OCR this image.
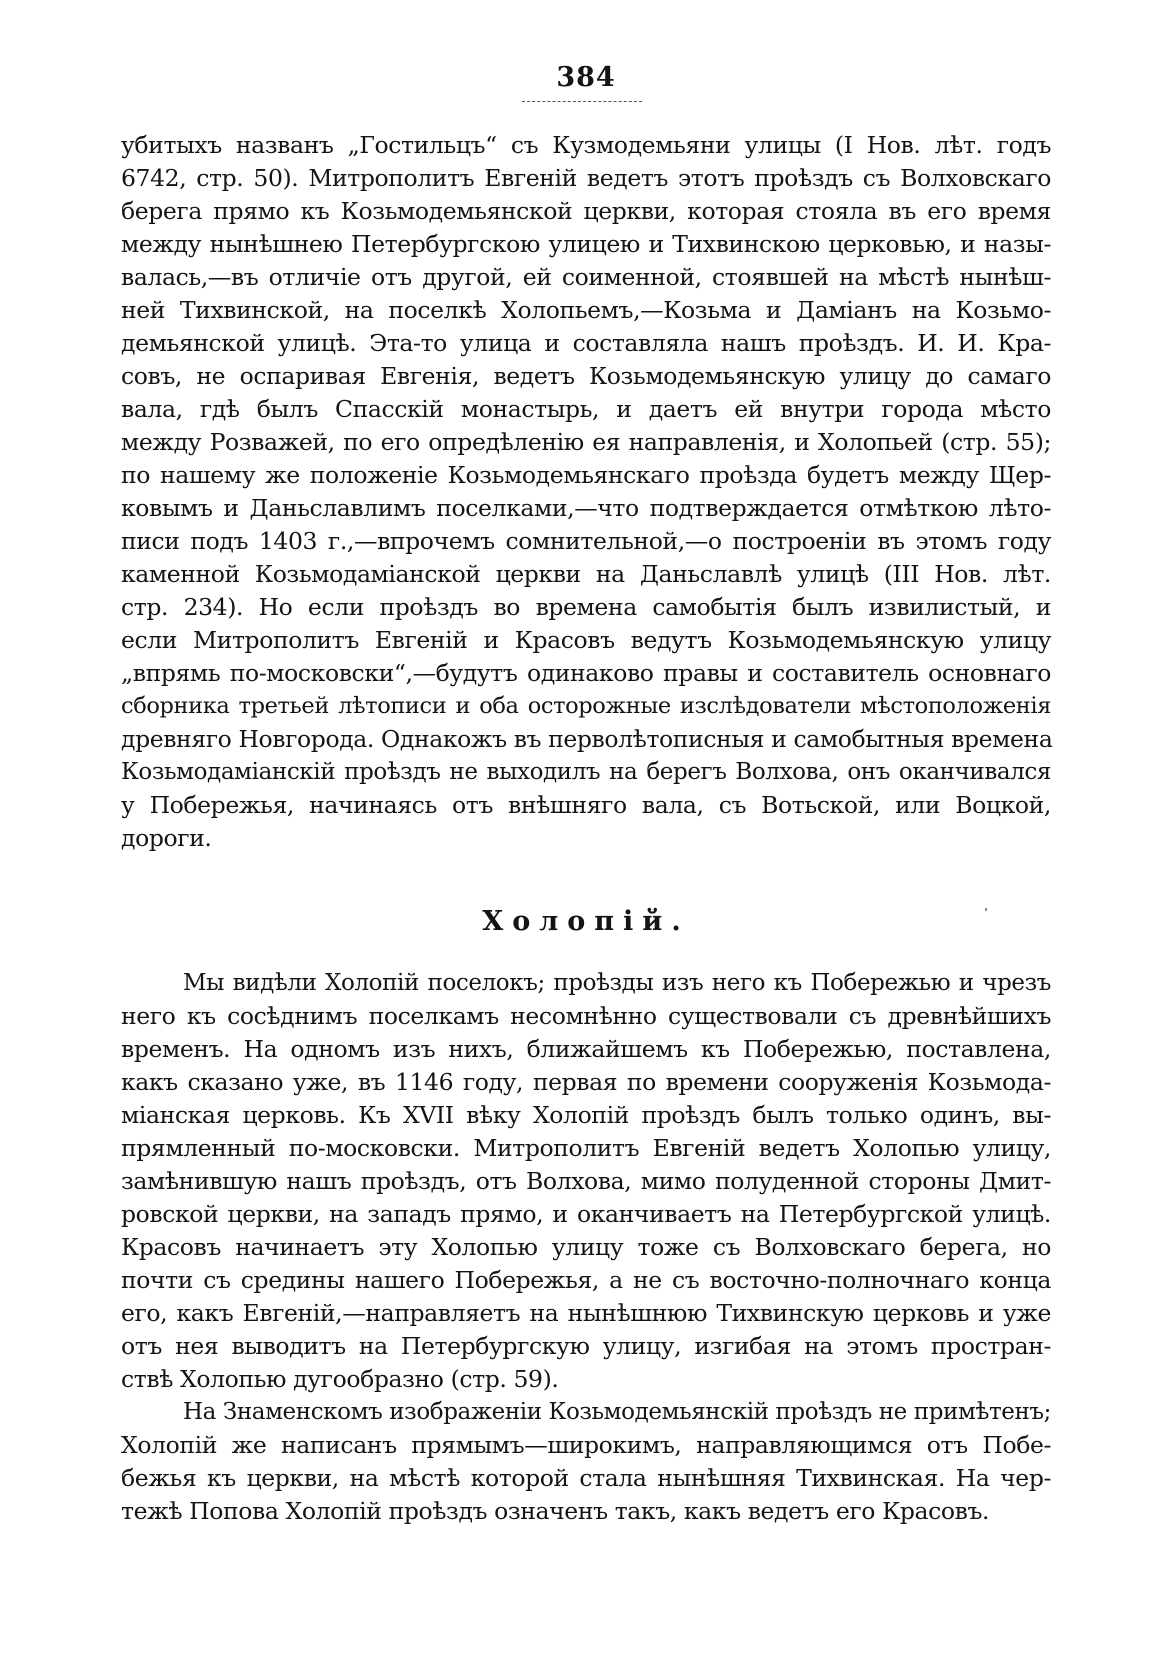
384
убитыхъ названъ „Гостильцъ“ съ Кузмодемьяни улицы (I Нов. лѣт. годъ
6742, стр. 50). Митрополитъ Евгеній ведетъ этотъ проѣздъ съ Волховскаго
берега прямо къ Козьмодемьянской церкви, которая стояла въ его время
между нынѣшнею Петербургскою улицею и Тихвинскою церковью, и назы-
валась,—въ отличіе отъ другой, ей соименной, стоявшей на мѣстѣ нынѣш-
ней Тихвинской, на поселкѣ Холопьемъ,—Козьма и Даміанъ на Козьмо-
демьянской улицѣ. Эта-то улица и составляла нашъ проѣздъ. И. И. Кра-
совъ, не оспаривая Евгенія, ведетъ Козьмодемьянскую улицу до самаго
вала, гдѣ былъ Спасскій монастырь, и даетъ ей внутри города мѣсто
между Розважей, по его опредѣленію ея направленія, и Холопьей (стр. 55);
по нашему же положеніе Козьмодемьянскаго проѣзда будетъ между Щер-
ковымъ и Даньславлимъ поселками,—что подтверждается отмѣткою лѣто-
писи подъ 1403 г.,—впрочемъ сомнительной,—о построеніи въ этомъ году
каменной Козьмодаміанской церкви на Даньславлѣ улицѣ (III Нов. лѣт.
стр. 234). Но если проѣздъ во времена самобытія былъ извилистый, и
если Митрополитъ Евгеній и Красовъ ведутъ Козьмодемьянскую улицу
„впрямь по-московски“,—будутъ одинаково правы и составитель основнаго
сборника третьей лѣтописи и оба осторожные изслѣдователи мѣстоположенія
древняго Новгорода. Однакожъ въ перволѣтописныя и самобытныя времена
Козьмодаміанскій проѣздъ не выходилъ на берегъ Волхова, онъ оканчивался
у Побережья, начинаясь отъ внѣшняго вала, съ Вотьской, или Воцкой,
дороги.
Холопій.
Мы видѣли Холопій поселокъ; проѣзды изъ него къ Побережью и чрезъ
него къ сосѣднимъ поселкамъ несомнѣнно существовали съ древнѣйшихъ
временъ. На одномъ изъ нихъ, ближайшемъ къ Побережью, поставлена,
какъ сказано уже, въ 1146 году, первая по времени сооруженія Козьмода-
міанская церковь. Къ XVII вѣку Холопій проѣздъ былъ только одинъ, вы-
прямленный по-московски. Митрополитъ Евгеній ведетъ Холопью улицу,
замѣнившую нашъ проѣздъ, отъ Волхова, мимо полуденной стороны Дмит-
ровской церкви, на западъ прямо, и оканчиваетъ на Петербургской улицѣ.
Красовъ начинаетъ эту Холопью улицу тоже съ Волховскаго берега, но
почти съ средины нашего Побережья, а не съ восточно-полночнаго конца
его, какъ Евгеній,—направляетъ на нынѣшнюю Тихвинскую церковь и уже
отъ нея выводитъ на Петербургскую улицу, изгибая на этомъ простран-
ствѣ Холопью дугообразно (стр. 59).
На Знаменскомъ изображеніи Козьмодемьянскій проѣздъ не примѣтенъ;
Холопій же написанъ прямымъ—широкимъ, направляющимся отъ Побе-
бежья къ церкви, на мѣстѣ которой стала нынѣшняя Тихвинская. На чер-
тежѣ Попова Холопій проѣздъ означенъ такъ, какъ ведетъ его Красовъ.
